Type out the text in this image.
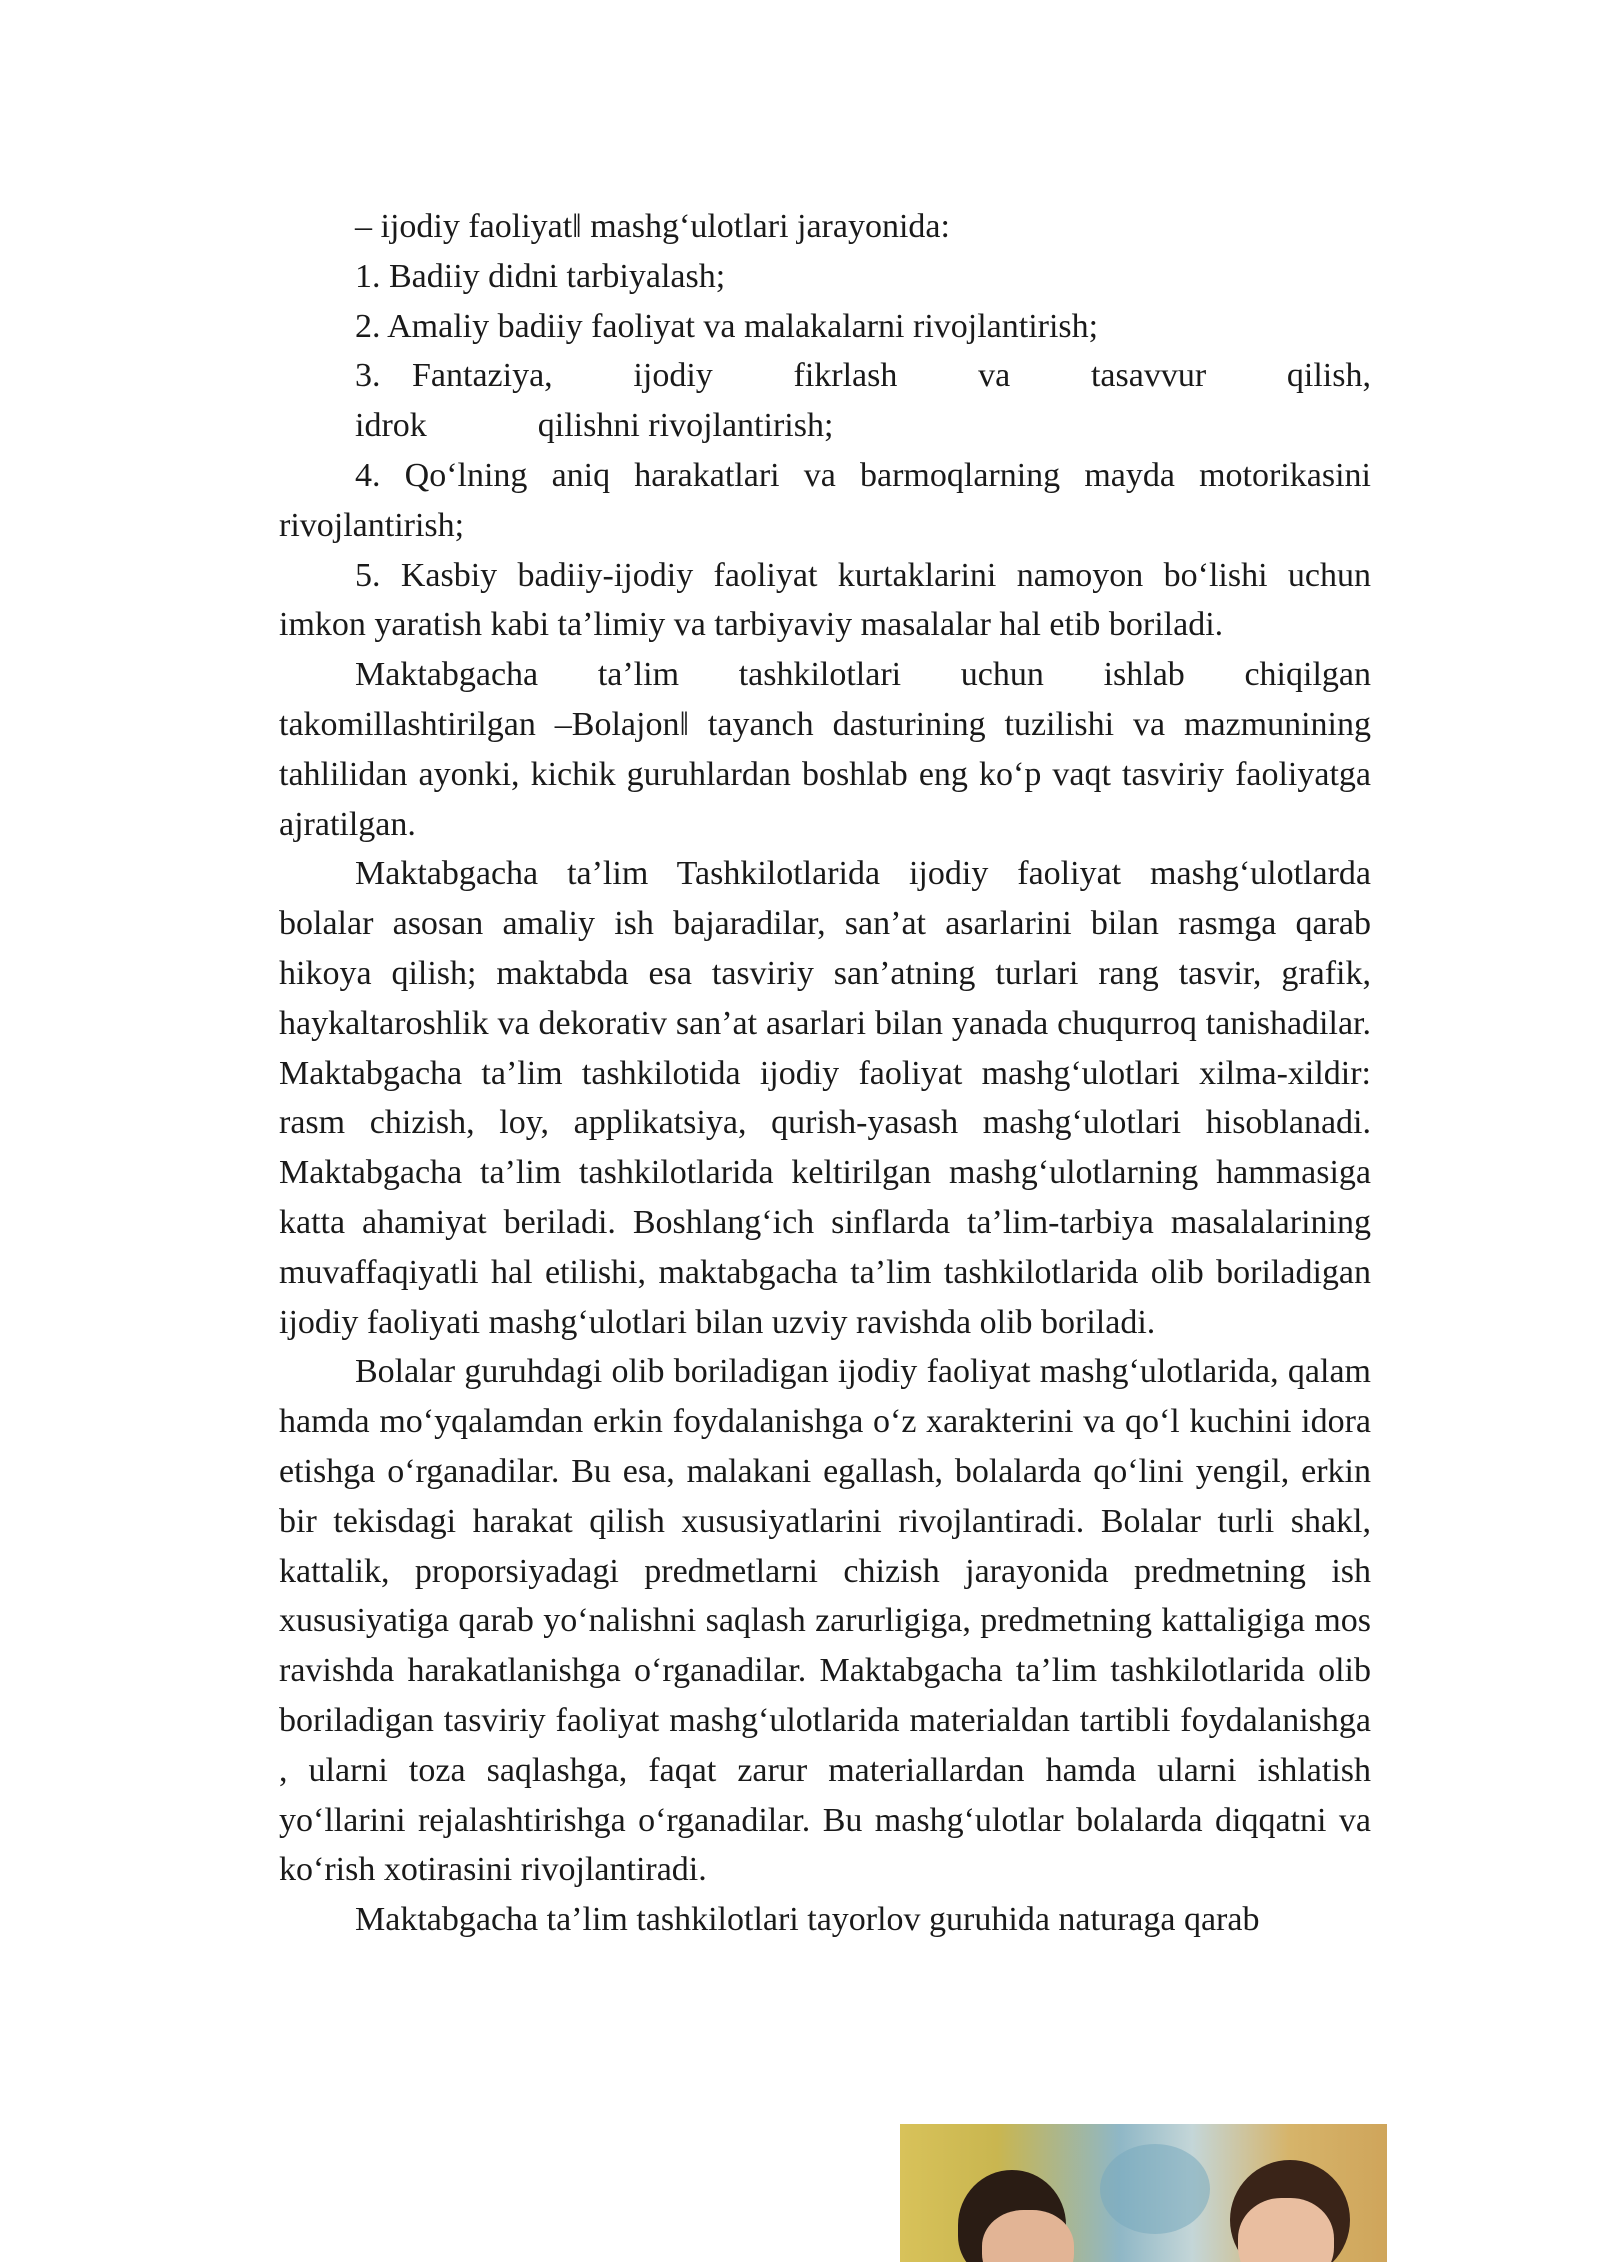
– ijodiy faoliyat‖ mashg‘ulotlari jarayonida:

1. Badiiy didni tarbiyalash;

2. Amaliy badiiy faoliyat va malakalarni rivojlantirish;

3. Fantaziya, ijodiy fikrlash va tasavvur qilish,

idrok	qilishni rivojlantirish;

4. Qo‘lning aniq harakatlari va barmoqlarning mayda motorikasini rivojlantirish;

5. Kasbiy badiiy-ijodiy faoliyat kurtaklarini namoyon bo‘lishi uchun imkon yaratish kabi ta’limiy va tarbiyaviy masalalar hal etib boriladi.

Maktabgacha ta’lim tashkilotlari uchun ishlab chiqilgan takomillashtirilgan –Bolajon‖ tayanch dasturining tuzilishi va mazmunining tahlilidan ayonki, kichik guruhlardan boshlab eng ko‘p vaqt tasviriy faoliyatga ajratilgan.

Maktabgacha ta’lim Tashkilotlarida ijodiy faoliyat mashg‘ulotlarda bolalar asosan amaliy ish bajaradilar, san’at asarlarini bilan rasmga qarab hikoya qilish; maktabda esa tasviriy san’atning turlari rang tasvir, grafik, haykaltaroshlik va dekorativ san’at asarlari bilan yanada chuqurroq tanishadilar. Maktabgacha ta’lim tashkilotida ijodiy faoliyat mashg‘ulotlari xilma-xildir: rasm chizish, loy, applikatsiya, qurish-yasash mashg‘ulotlari hisoblanadi. Maktabgacha ta’lim tashkilotlarida keltirilgan mashg‘ulotlarning hammasiga katta ahamiyat beriladi. Boshlang‘ich sinflarda ta’lim-tarbiya masalalarining muvaffaqiyatli hal etilishi, maktabgacha ta’lim tashkilotlarida olib boriladigan ijodiy faoliyati mashg‘ulotlari bilan uzviy ravishda olib boriladi.

Bolalar guruhdagi olib boriladigan ijodiy faoliyat mashg‘ulotlarida, qalam hamda mo‘yqalamdan erkin foydalanishga o‘z xarakterini va qo‘l kuchini idora etishga o‘rganadilar. Bu esa, malakani egallash, bolalarda qo‘lini yengil, erkin bir tekisdagi harakat qilish xususiyatlarini rivojlantiradi. Bolalar turli shakl, kattalik, proporsiyadagi predmetlarni chizish jarayonida predmetning ish xususiyatiga qarab yo‘nalishni saqlash zarurligiga, predmetning kattaligiga mos ravishda harakatlanishga o‘rganadilar. Maktabgacha ta’lim tashkilotlarida olib boriladigan tasviriy faoliyat mashg‘ulotlarida materialdan tartibli foydalanishga , ularni toza saqlashga, faqat zarur materiallardan hamda ularni ishlatish yo‘llarini rejalashtirishga o‘rganadilar. Bu mashg‘ulotlar bolalarda diqqatni va ko‘rish xotirasini rivojlantiradi.

Maktabgacha ta’lim tashkilotlari tayorlov guruhida naturaga qarab
